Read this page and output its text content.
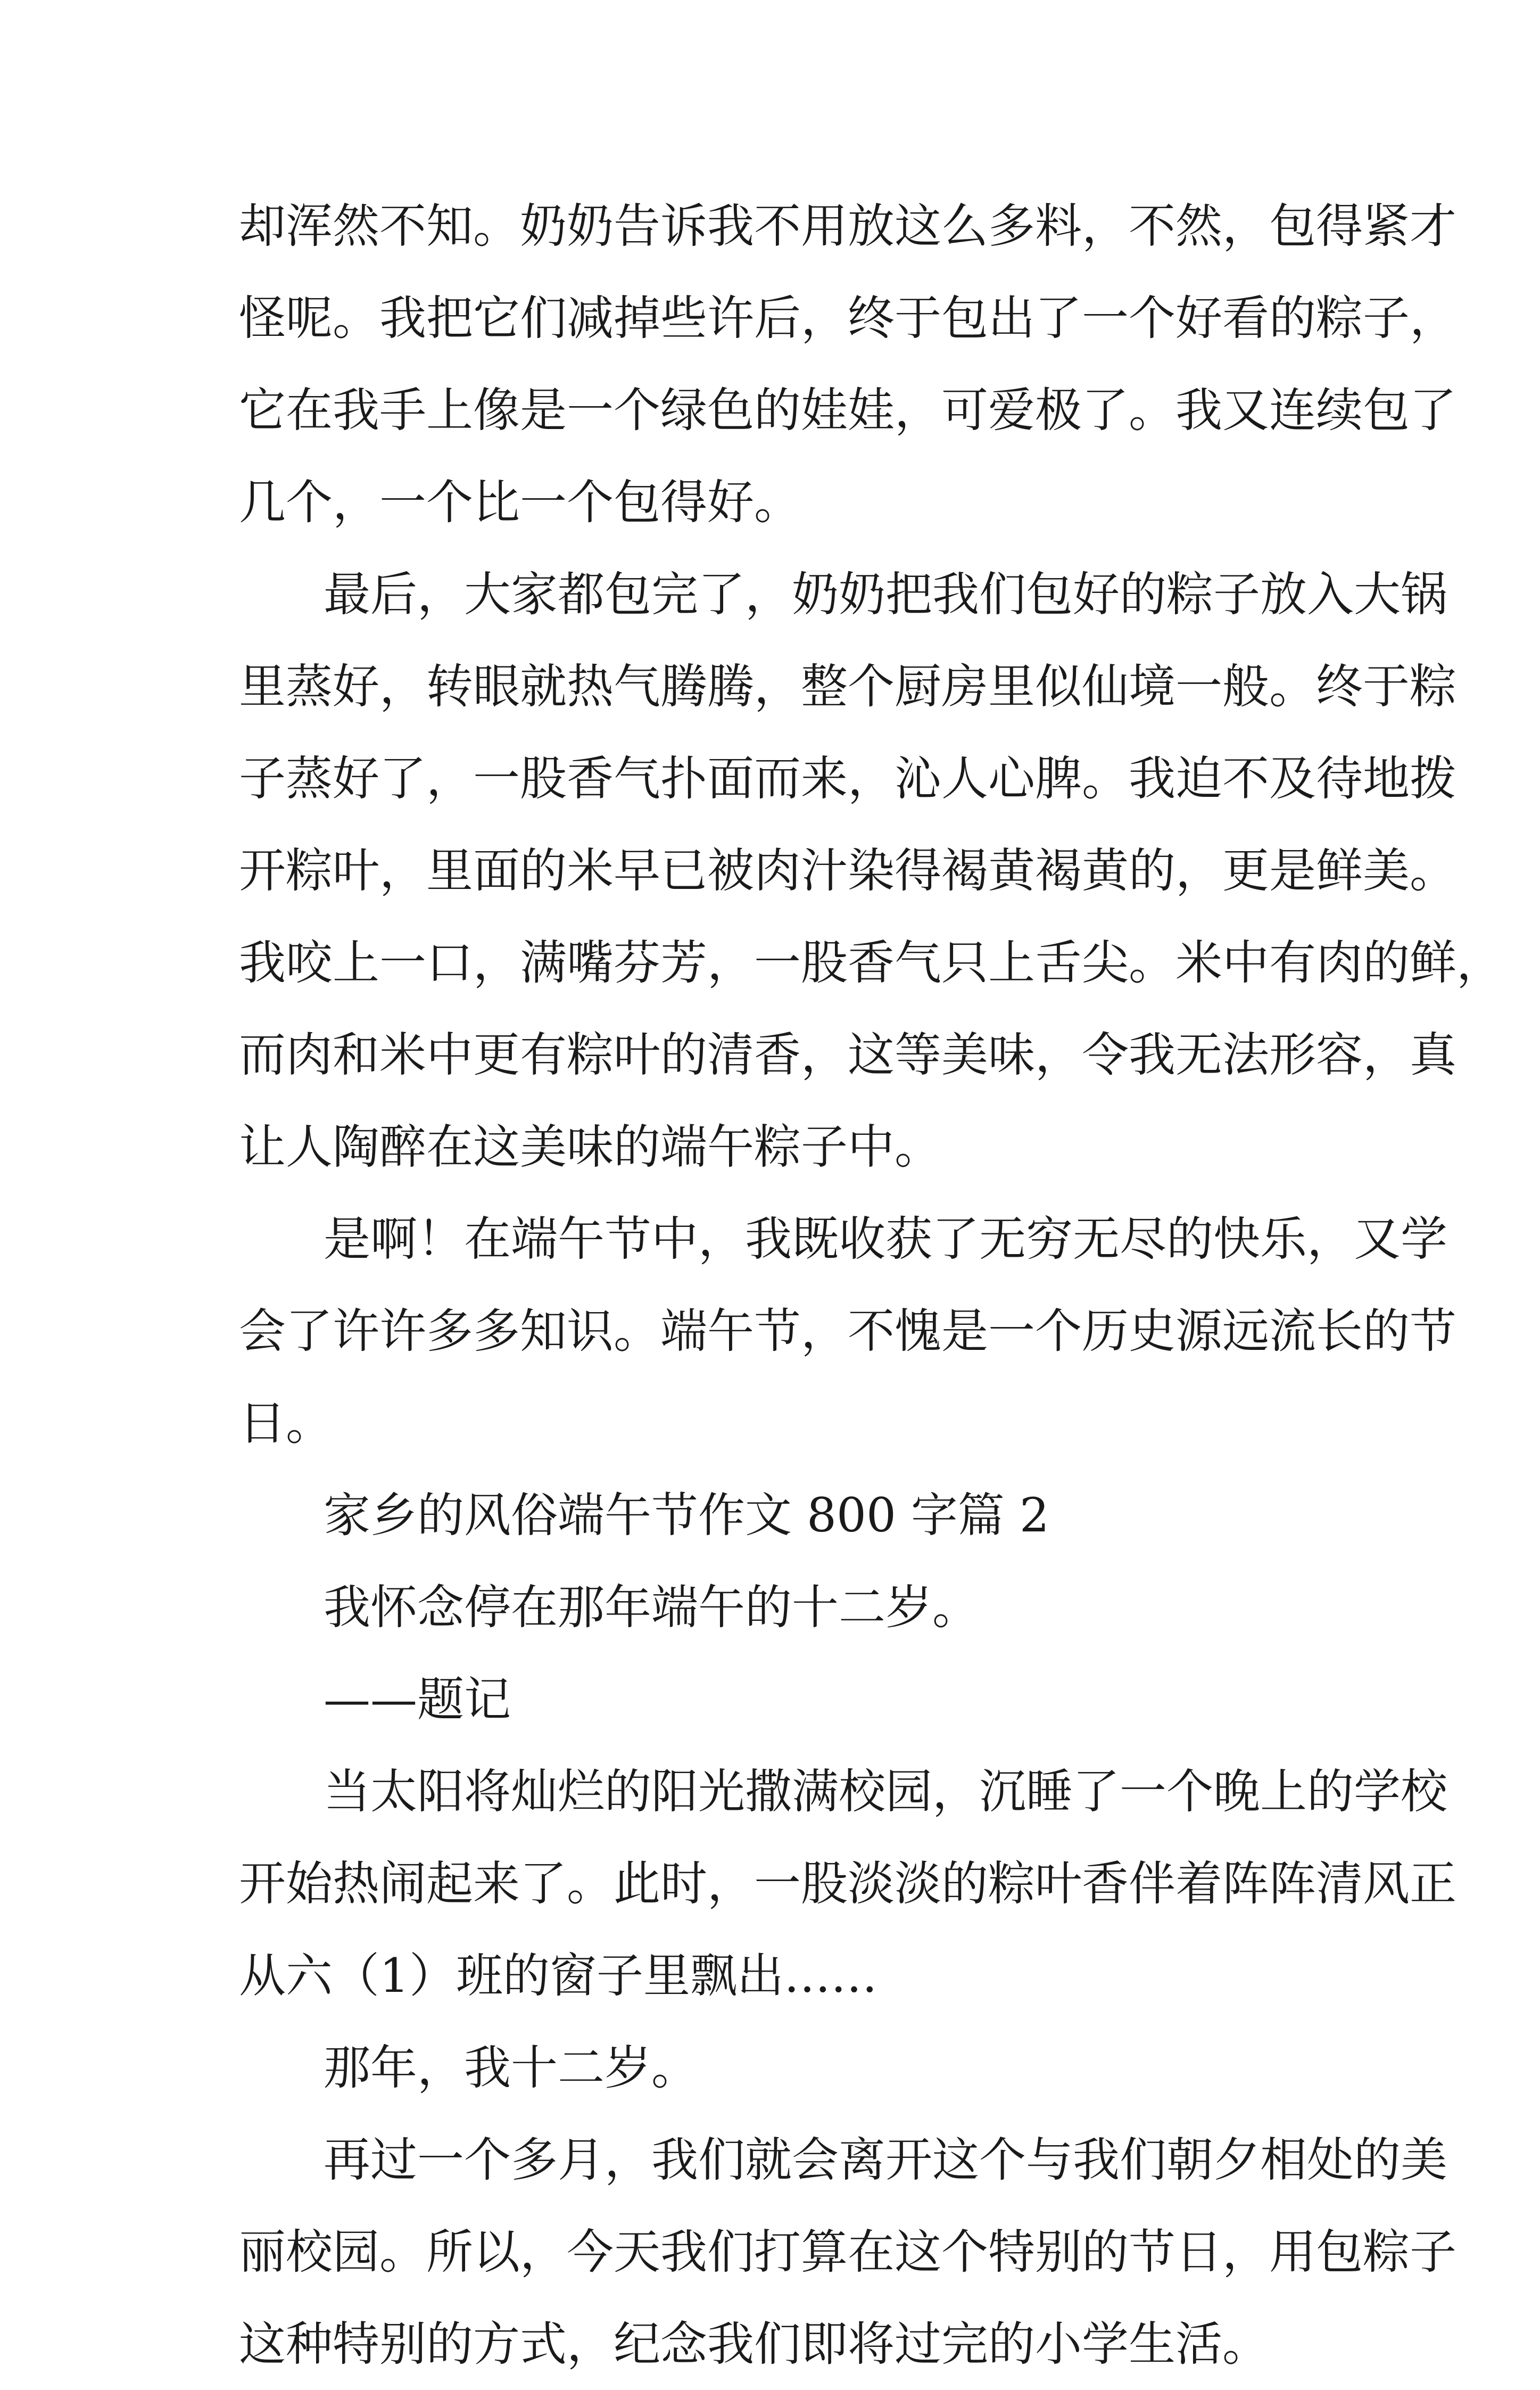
却浑然不知。奶奶告诉我不用放这么多料，不然，包得紧才
怪呢。我把它们减掉些许后，终于包出了一个好看的粽子，
它在我手上像是一个绿色的娃娃，可爱极了。我又连续包了
几个，一个比一个包得好。
最后，大家都包完了，奶奶把我们包好的粽子放入大锅
里蒸好，转眼就热气腾腾，整个厨房里似仙境一般。终于粽
子蒸好了，一股香气扑面而来，沁人心脾。我迫不及待地拨
开粽叶，里面的米早已被肉汁染得褐黄褐黄的，更是鲜美。
我咬上一口，满嘴芬芳，一股香气只上舌尖。米中有肉的鲜，
而肉和米中更有粽叶的清香，这等美味，令我无法形容，真
让人陶醉在这美味的端午粽子中。
是啊！在端午节中，我既收获了无穷无尽的快乐，又学
会了许许多多知识。端午节，不愧是一个历史源远流长的节
日。
家乡的风俗端午节作文 800 字篇 2
我怀念停在那年端午的十二岁。
——题记
当太阳将灿烂的阳光撒满校园，沉睡了一个晚上的学校
开始热闹起来了。此时，一股淡淡的粽叶香伴着阵阵清风正
从六（1）班的窗子里飘出……
那年，我十二岁。
再过一个多月，我们就会离开这个与我们朝夕相处的美
丽校园。所以，今天我们打算在这个特别的节日，用包粽子
这种特别的方式，纪念我们即将过完的小学生活。
